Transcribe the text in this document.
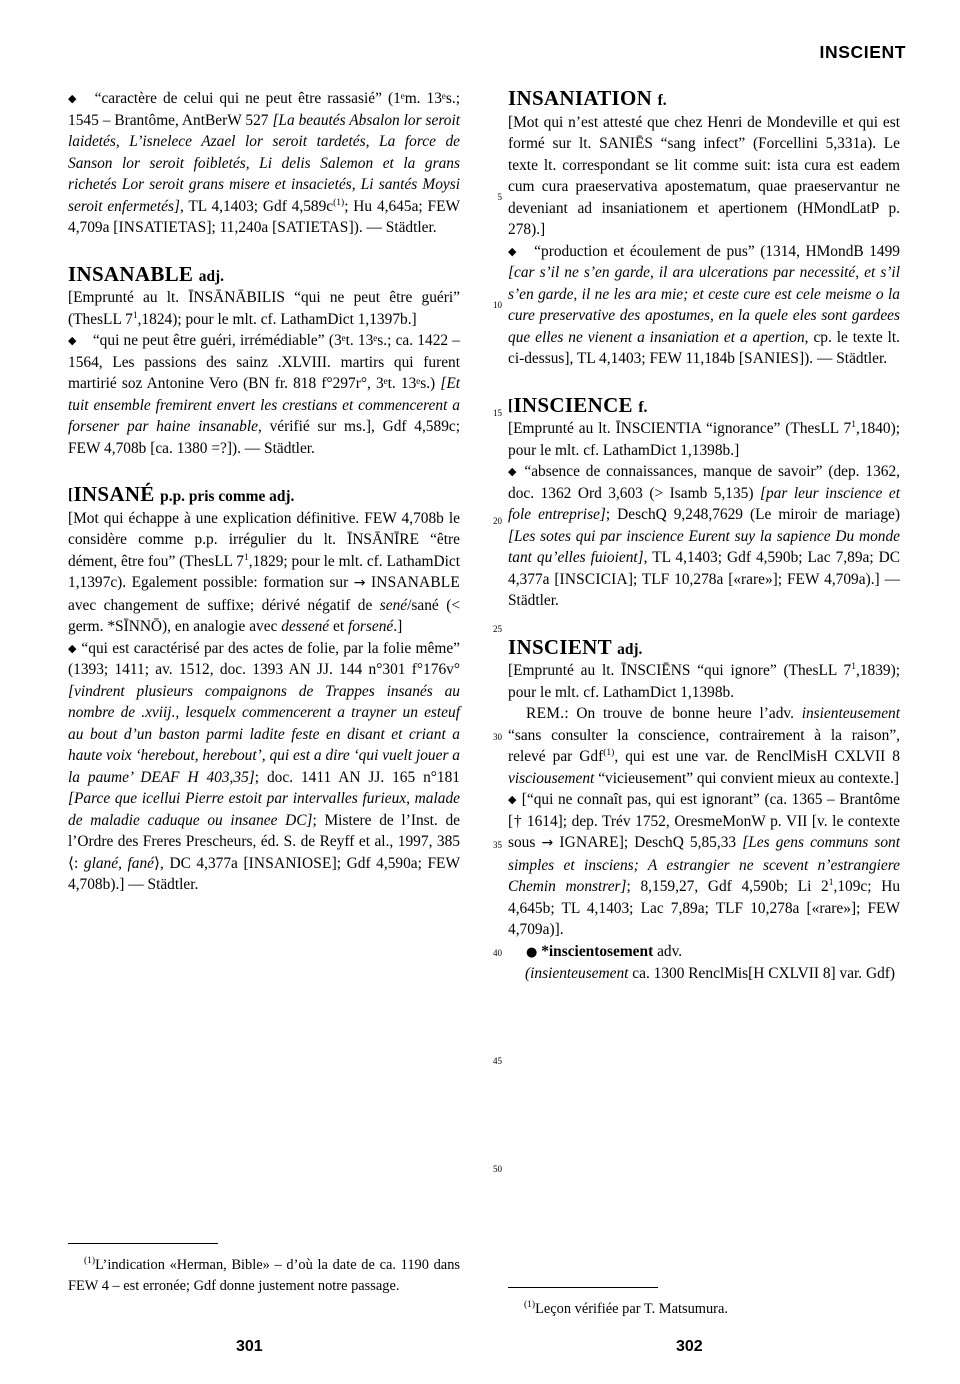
INSCIENT
5
10
15
20
25
30
35
40
45
50
◆ “caractère de celui qui ne peut être rassasié” (1ᵉm. 13ᵉs.; 1545 – Brantôme, AntBerW 527 [La beautés Absalon lor seroit laidetés, L’isnelece Azael lor seroit tardetés, La force de Sanson lor seroit foibletés, Li delis Salemon et la grans richetés Lor seroit grans misere et insacietés, Li santés Moysi seroit enfermetés], TL 4,1403; Gdf $4,589c^{(1)}$; Hu 4,645a; FEW 4,709a [INSATIETAS]; 11,240a [SATIETAS]). — Städtler.
INSANABLE adj.
[Emprunté au lt. ĪNSĀNĀBILIS “qui ne peut être guéri” (ThesLL $7^1,1824$); pour le mlt. cf. LathamDict 1,1397b.]
◆ “qui ne peut être guéri, irrémédiable” (3ᵉt. 13ᵉs.; ca. 1422 – 1564, Les passions des sainz .XLVIII. martirs qui furent martirié soz Antonine Vero (BN fr. 818 f°297r°, 3ᵉt. 13ᵉs.) [Et tuit ensemble fremirent envert les crestians et commencerent a forsener par haine insanable, vérifié sur ms.], Gdf 4,589c; FEW 4,708b [ca. 1380 =?]). — Städtler.
[INSANÉ p.p. pris comme adj.
[Mot qui échappe à une explication définitive. FEW 4,708b le considère comme p.p. irrégulier du lt. ĪNSĀNĪRE “être dément, être fou” (ThesLL $7^1,1829$; pour le mlt. cf. LathamDict 1,1397c). Egalement possible: formation sur → INSANABLE avec changement de suffixe; dérivé négatif de sené/sané (< germ. *SĪNNŌ), en analogie avec dessené et forsené.]
◆ “qui est caractérisé par des actes de folie, par la folie même” (1393; 1411; av. 1512, doc. 1393 AN JJ. 144 n°301 f°176v° [vindrent plusieurs compaignons de Trappes insanés au nombre de .xviij., lesquelx commencerent a trayner un esteuf au bout d’un baston parmi ladite feste en disant et criant a haute voix ‘herebout, herebout’, qui est a dire ‘qui vuelt jouer a la paume’ DEAF H 403,35]; doc. 1411 AN JJ. 165 n°181 [Parce que icellui Pierre estoit par intervalles furieux, malade de maladie caduque ou insanee DC]; Mistere de l’Inst. de l’Ordre des Freres Prescheurs, éd. S. de Reyff et al., 1997, 385 ⟨: glané, fané⟩, DC 4,377a [INSANIOSE]; Gdf 4,590a; FEW 4,708b).] — Städtler.

$^{(1)}$L’indication «Herman, Bible» – d’où la date de ca. 1190 dans FEW 4 – est erronée; Gdf donne justement notre passage.

INSANIATION f.
[Mot qui n’est attesté que chez Henri de Mondeville et qui est formé sur lt. SANIĒS “sang infect” (Forcellini 5,331a). Le texte lt. correspondant se lit comme suit: ista cura est eadem cum cura praeservativa apostematum, quae praeservantur ne deveniant ad insaniationem et apertionem (HMondLatP p. 278).]
◆ “production et écoulement de pus” (1314, HMondB 1499 [car s’il ne s’en garde, il ara ulcerations par necessité, et s’il s’en garde, il ne les ara mie; et ceste cure est cele meisme o la cure preservative des apostumes, en la quele eles sont gardees que elles ne vienent a insaniation et a apertion, cp. le texte lt. ci-dessus], TL 4,1403; FEW 11,184b [SANIES]). — Städtler.
[INSCIENCE f.
[Emprunté au lt. ĪNSCIENTIA “ignorance” (ThesLL $7^1,1840$); pour le mlt. cf. LathamDict 1,1398b.]
◆ “absence de connaissances, manque de savoir” (dep. 1362, doc. 1362 Ord 3,603 (> Isamb 5,135) [par leur inscience et fole entreprise]; DeschQ 9,248,7629 (Le miroir de mariage) [Les sotes qui par inscience Eurent suy la sapience Du monde tant qu’elles fuioient], TL 4,1403; Gdf 4,590b; Lac 7,89a; DC 4,377a [INSCICIA]; TLF 10,278a [«rare»]; FEW 4,709a).] — Städtler.
INSCIENT adj.
[Emprunté au lt. ĪNSCIĒNS “qui ignore” (ThesLL $7^1,1839$); pour le mlt. cf. LathamDict 1,1398b.
REM.: On trouve de bonne heure l’adv. insienteusement “sans consulter la conscience, contrairement à la raison”, relevé par Gdf$^{(1)}$, qui est une var. de RenclMisH CXLVII 8 visciousement “vicieusement” qui convient mieux au contexte.]
◆ [“qui ne connaît pas, qui est ignorant” (ca. 1365 – Brantôme [† 1614]; dep. Trév 1752, OresmeMonW p. VII [v. le contexte sous → IGNARE]; DeschQ 5,85,33 [Les gens communs sont simples et insciens; A estrangier ne scevent n’estrangiere Chemin monstrer]; 8,159,27, Gdf 4,590b; Li $2^1,109c$; Hu 4,645b; TL 4,1403; Lac 7,89a; TLF 10,278a [«rare»]; FEW 4,709a)].
● *inscientosement adv.
(insienteusement ca. 1300 RenclMis[H CXLVII 8] var. Gdf)

$^{(1)}$Leçon vérifiée par T. Matsumura.

301	302
